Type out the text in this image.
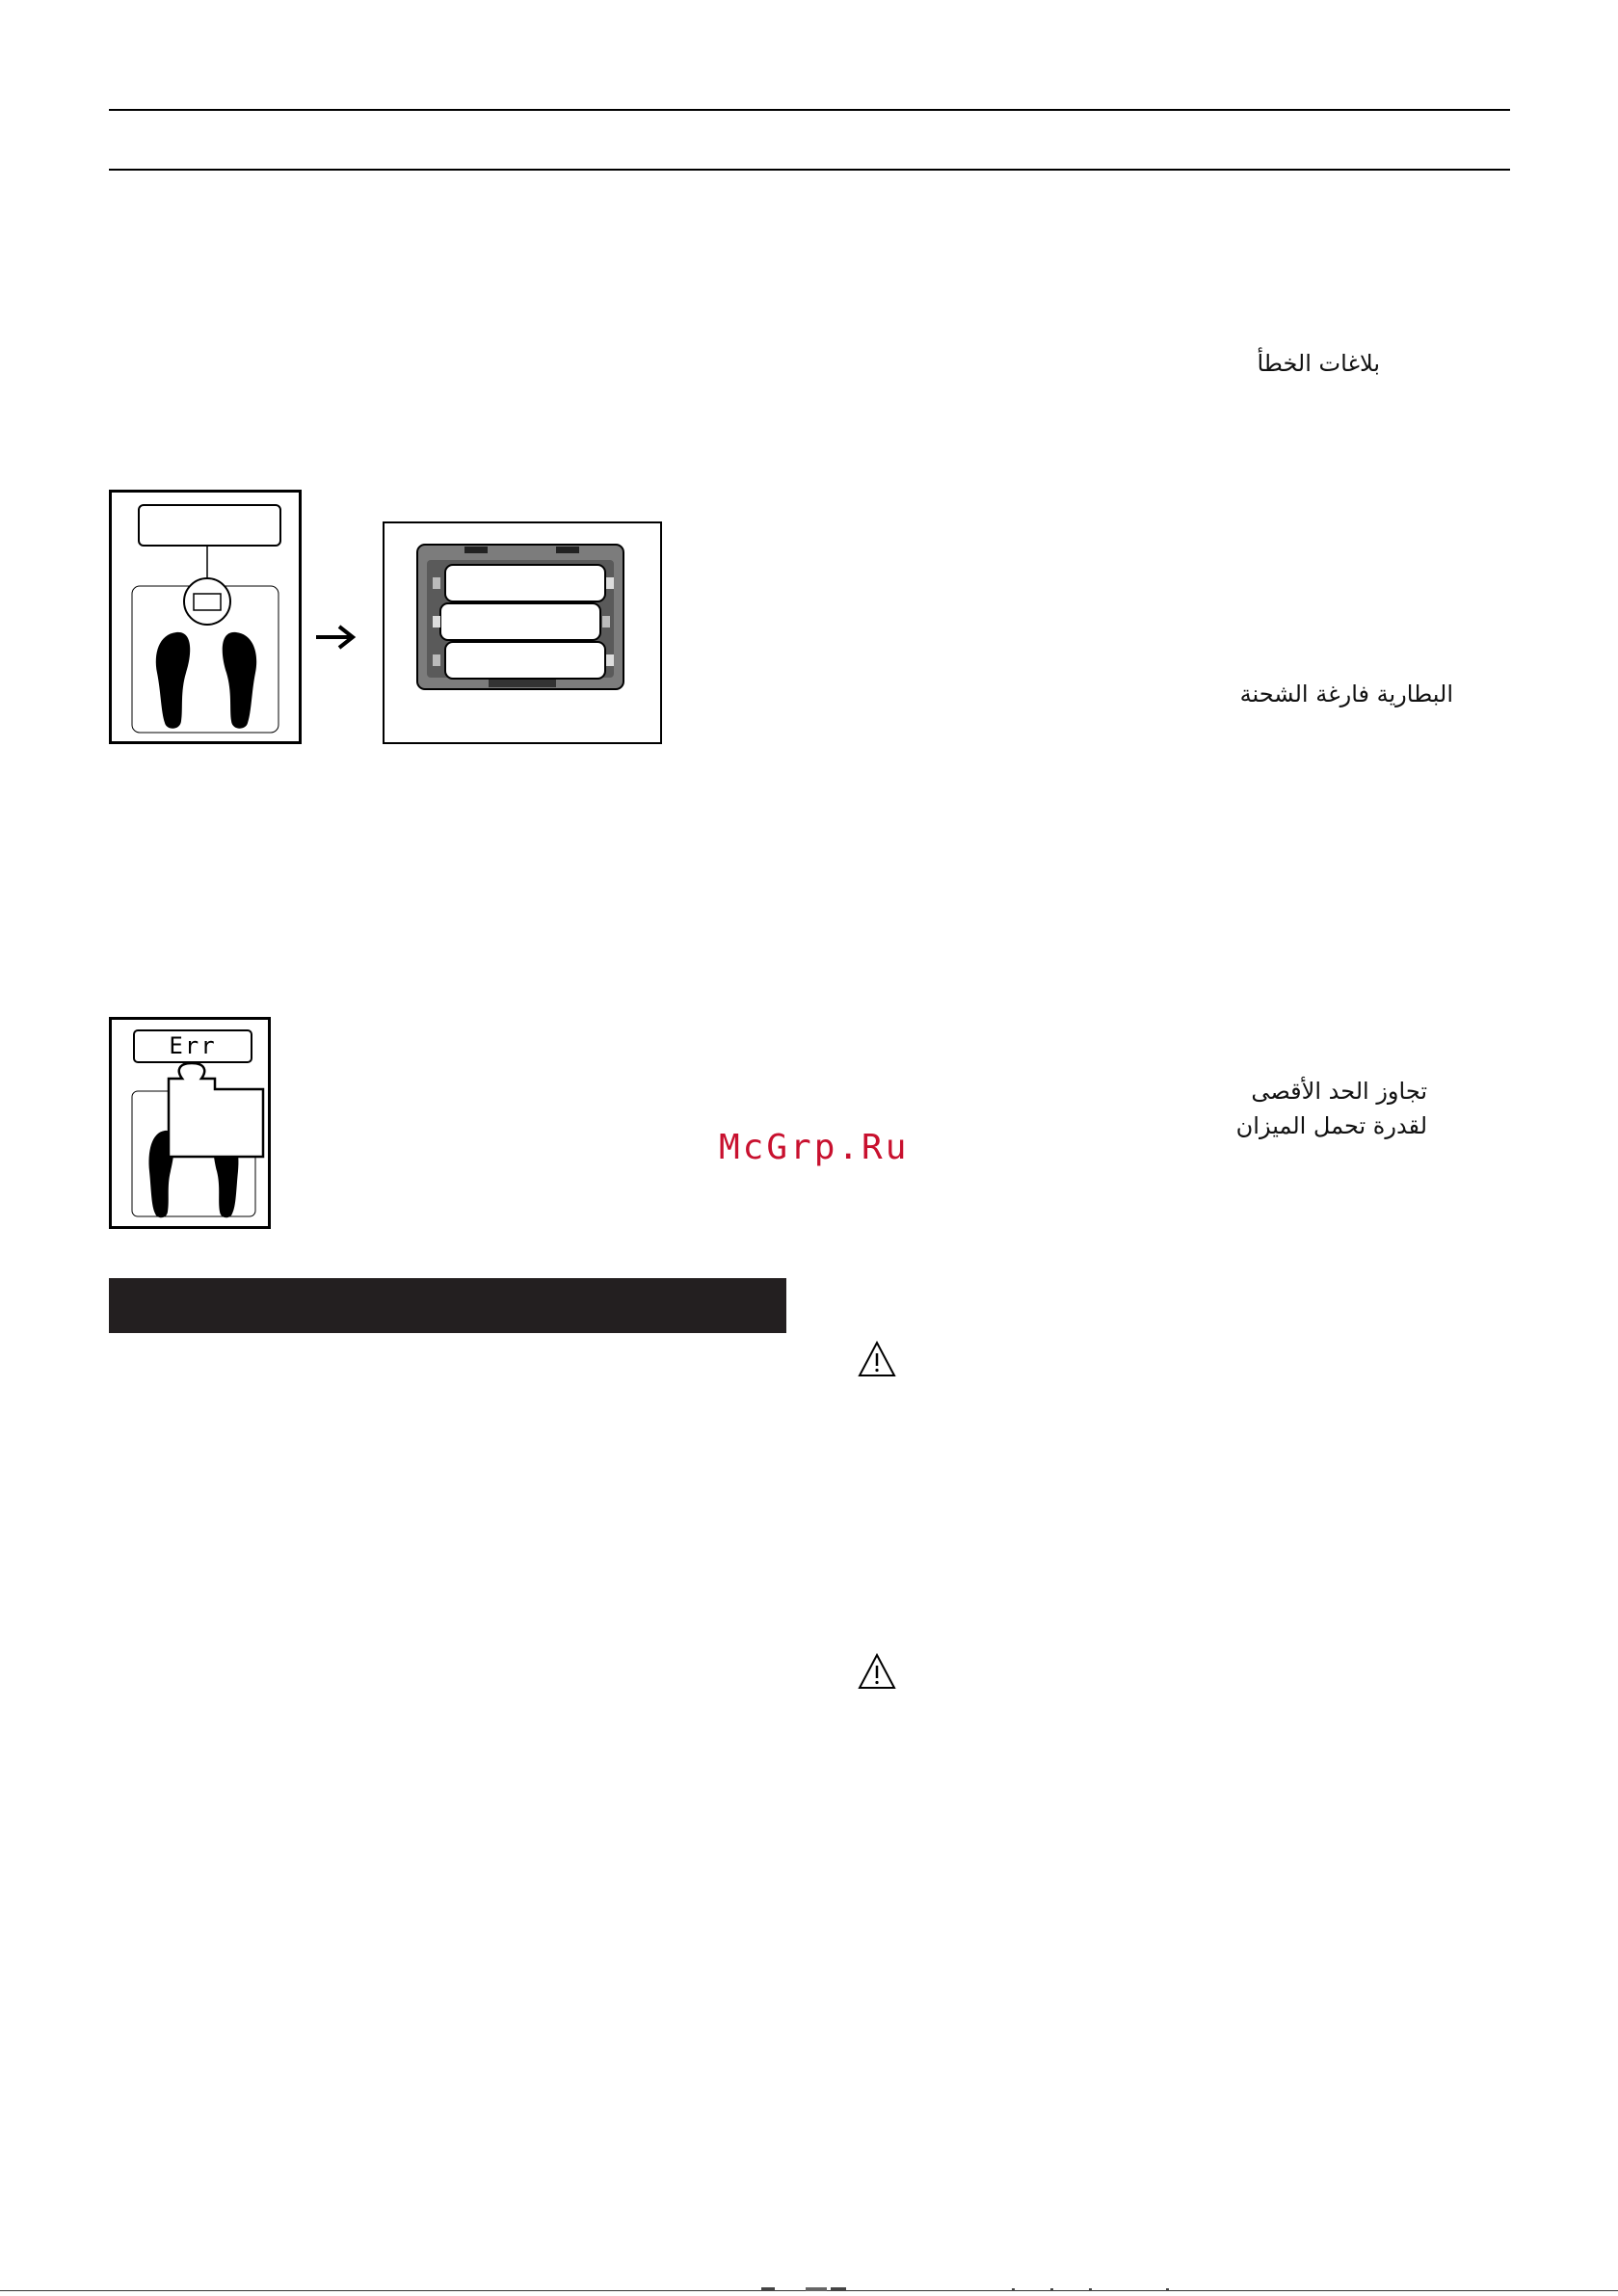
بلاغات الخطأ
البطارية فارغة الشحنة
تجاوز الحد الأقصى لقدرة تحمل الميزان
Err
McGrp.Ru
